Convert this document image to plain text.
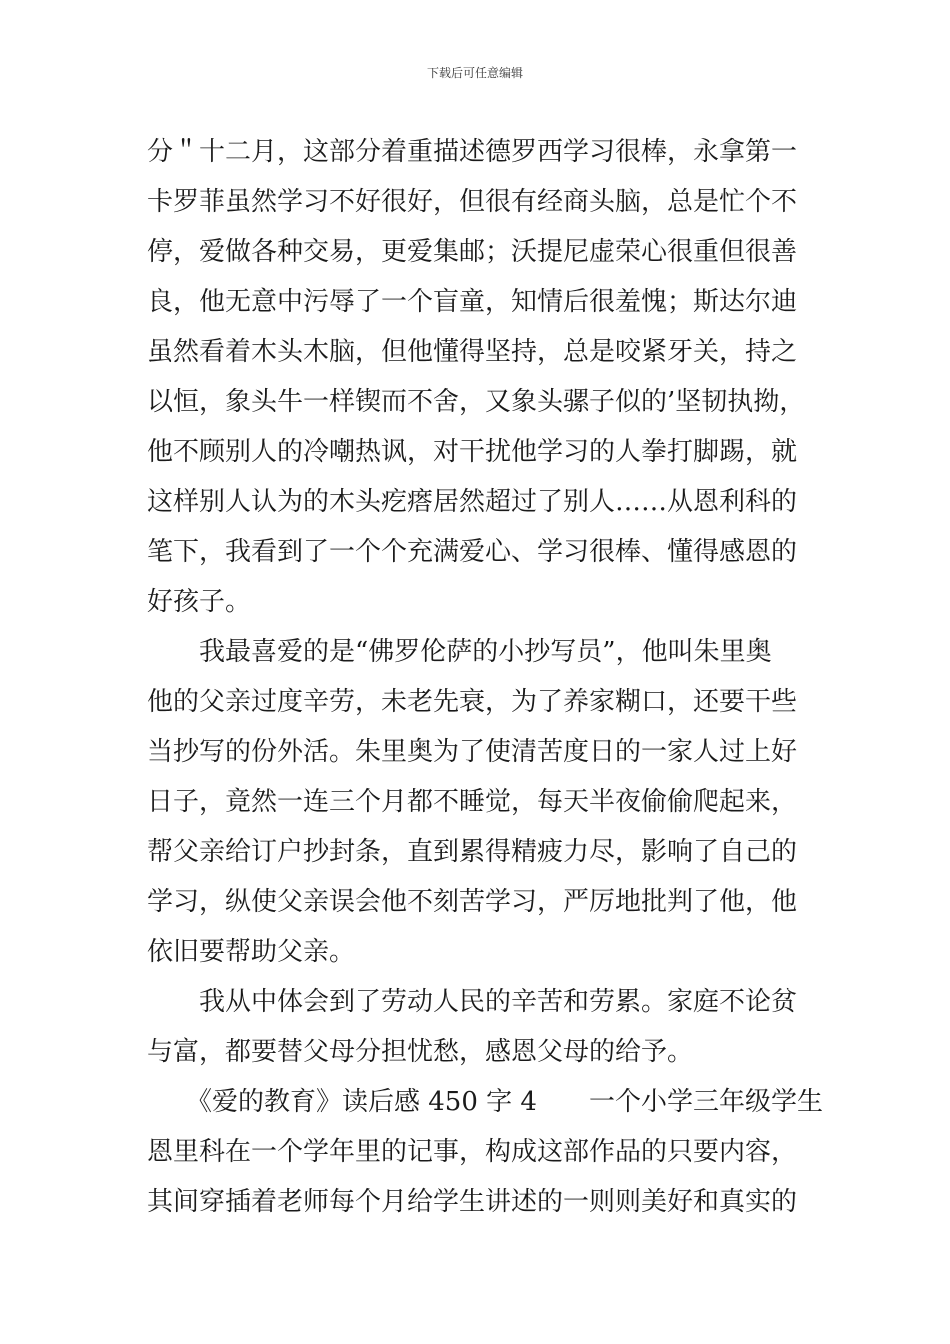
下载后可任意编辑
分＂十二月，这部分着重描述德罗西学习很棒，永拿第一
卡罗菲虽然学习不好很好，但很有经商头脑，总是忙个不
停，爱做各种交易，更爱集邮；沃提尼虚荣心很重但很善
良，他无意中污辱了一个盲童，知情后很羞愧；斯达尔迪
虽然看着木头木脑，但他懂得坚持，总是咬紧牙关，持之
以恒，象头牛一样锲而不舍，又象头骡子似的’坚韧执拗，
他不顾别人的冷嘲热讽，对干扰他学习的人拳打脚踢，就
这样别人认为的木头疙瘩居然超过了别人……从恩利科的
笔下，我看到了一个个充满爱心、学习很棒、懂得感恩的
好孩子。
　　我最喜爱的是“佛罗伦萨的小抄写员”，他叫朱里奥
他的父亲过度辛劳，未老先衰，为了养家糊口，还要干些
当抄写的份外活。朱里奥为了使清苦度日的一家人过上好
日子，竟然一连三个月都不睡觉，每天半夜偷偷爬起来，
帮父亲给订户抄封条，直到累得精疲力尽，影响了自己的
学习，纵使父亲误会他不刻苦学习，严厉地批判了他，他
依旧要帮助父亲。
　　我从中体会到了劳动人民的辛苦和劳累。家庭不论贫
与富，都要替父母分担忧愁，感恩父母的给予。
　　《爱的教育》读后感 450 字 4　　一个小学三年级学生
恩里科在一个学年里的记事，构成这部作品的只要内容，
其间穿插着老师每个月给学生讲述的一则则美好和真实的
